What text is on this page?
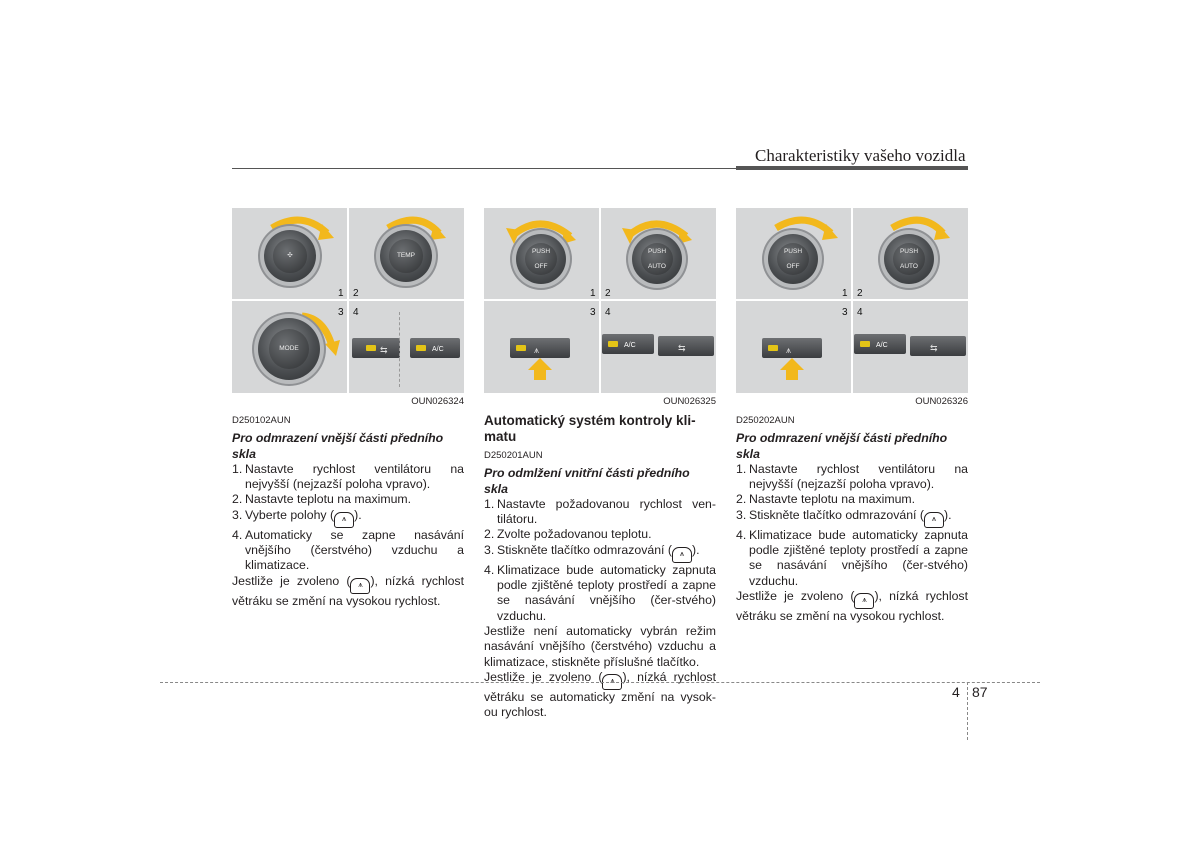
Charakteristiky vašeho vozidla
✣	TEMP
MODE
1 2
3 4
⇆	A/C
OUN026324
D250102AUN
Pro odmrazení vnější části předního skla
1. Nastavte rychlost ventilátoru na nejvyšší (nejzazší poloha vpravo).
2. Nastavte teplotu na maximum.
3. Vyberte polohy ( ⩚ ).
4. Automaticky se zapne nasávání vnějšího (čerstvého) vzduchu a klimatizace.

Jestliže je zvoleno ( ⩚ ), nízká rychlost větráku se změní na vysokou rychlost.

PUSH OFF
PUSH AUTO
1 2
3 4
⩚	A/C	⇆
OUN026325
Automatický systém kontroly kli-matu
D250201AUN
Pro odmlžení vnitřní části předního skla
1. Nastavte požadovanou rychlost ven-tilátoru.
2. Zvolte požadovanou teplotu.
3. Stiskněte tlačítko odmrazování ( ⩚ ).
4. Klimatizace bude automaticky zapnuta podle zjištěné teploty prostředí a zapne se nasávání vnějšího (čer-stvého) vzduchu.

Jestliže není automaticky vybrán režim nasávání vnějšího (čerstvého) vzduchu a klimatizace, stiskněte příslušné tlačítko.

Jestliže je zvoleno ( ⩚ ), nízká rychlost větráku se automaticky změní na vysok-ou rychlost.

PUSH OFF
PUSH AUTO
1 2
3 4
⩚	A/C	⇆
OUN026326
D250202AUN
Pro odmrazení vnější části předního skla
1. Nastavte rychlost ventilátoru na nejvyšší (nejzazší poloha vpravo).
2. Nastavte teplotu na maximum.
3. Stiskněte tlačítko odmrazování ( ⩚ ).
4. Klimatizace bude automaticky zapnuta podle zjištěné teploty prostředí a zapne se nasávání vnějšího (čer-stvého) vzduchu.

Jestliže je zvoleno ( ⩚ ), nízká rychlost větráku se změní na vysokou rychlost.

4 87
